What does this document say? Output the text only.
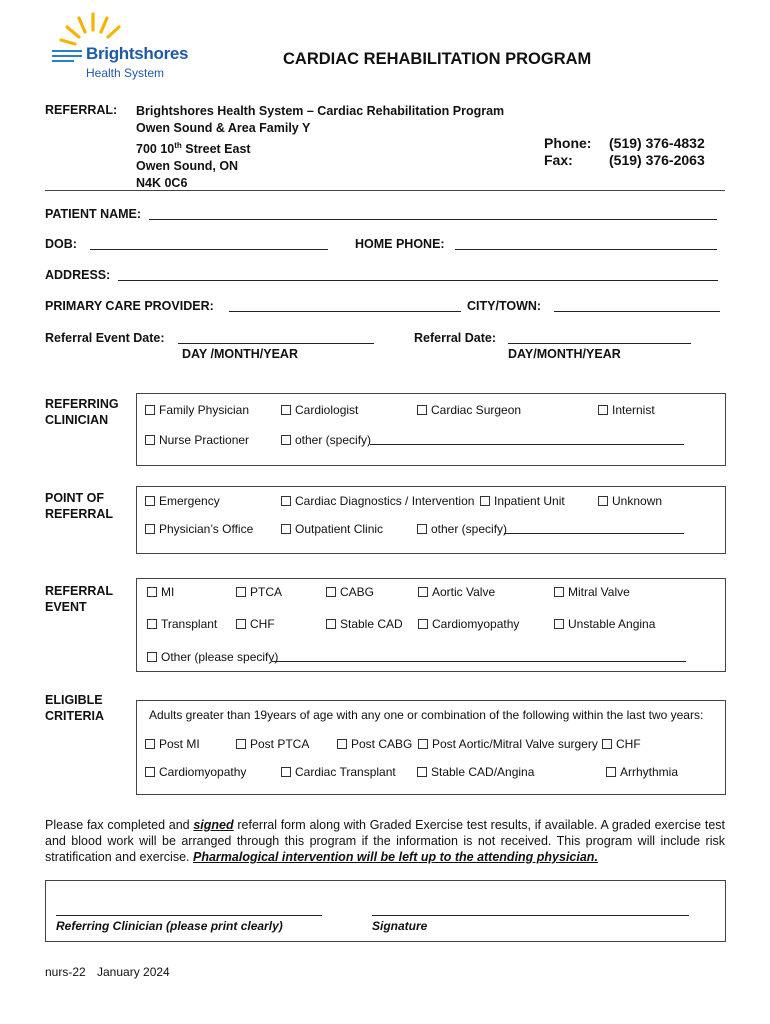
Brightshores
Health System
CARDIAC REHABILITATION PROGRAM
REFERRAL: Brightshores Health System – Cardiac Rehabilitation Program
Owen Sound & Area Family Y
700 10th Street East
Owen Sound, ON
N4K 0C6
Phone: (519) 376-4832
Fax:	(519) 376-2063
PATIENT NAME:
DOB:	HOME PHONE:
ADDRESS:
PRIMARY CARE PROVIDER:	CITY/TOWN:
Referral Event Date:	Referral Date:
DAY /MONTH/YEAR	DAY/MONTH/YEAR
REFERRING
CLINICIAN
Family Physician	Cardiologist	Cardiac Surgeon	Internist
Nurse Practioner	other (specify)
POINT OF
REFERRAL
Emergency	Cardiac Diagnostics / Intervention	Inpatient Unit	Unknown
Physician’s Office	Outpatient Clinic	other (specify)
REFERRAL
EVENT
MI	PTCA	CABG	Aortic Valve	Mitral Valve
Transplant	CHF	Stable CAD	Cardiomyopathy	Unstable Angina
Other (please specify)
ELIGIBLE
CRITERIA	Adults greater than 19years of age with any one or combination of the following within the last two years:
Post MI	Post PTCA	Post CABG	Post Aortic/Mitral Valve surgery	CHF
Cardiomyopathy	Cardiac Transplant	Stable CAD/Angina	Arrhythmia
Please fax completed and signed referral form along with Graded Exercise test results, if available. A graded exercise test and blood work will be arranged through this program if the information is not received. This program will include risk stratification and exercise. Pharmalogical intervention will be left up to the attending physician.
Referring Clinician (please print clearly)	Signature
nurs-22 January 2024
